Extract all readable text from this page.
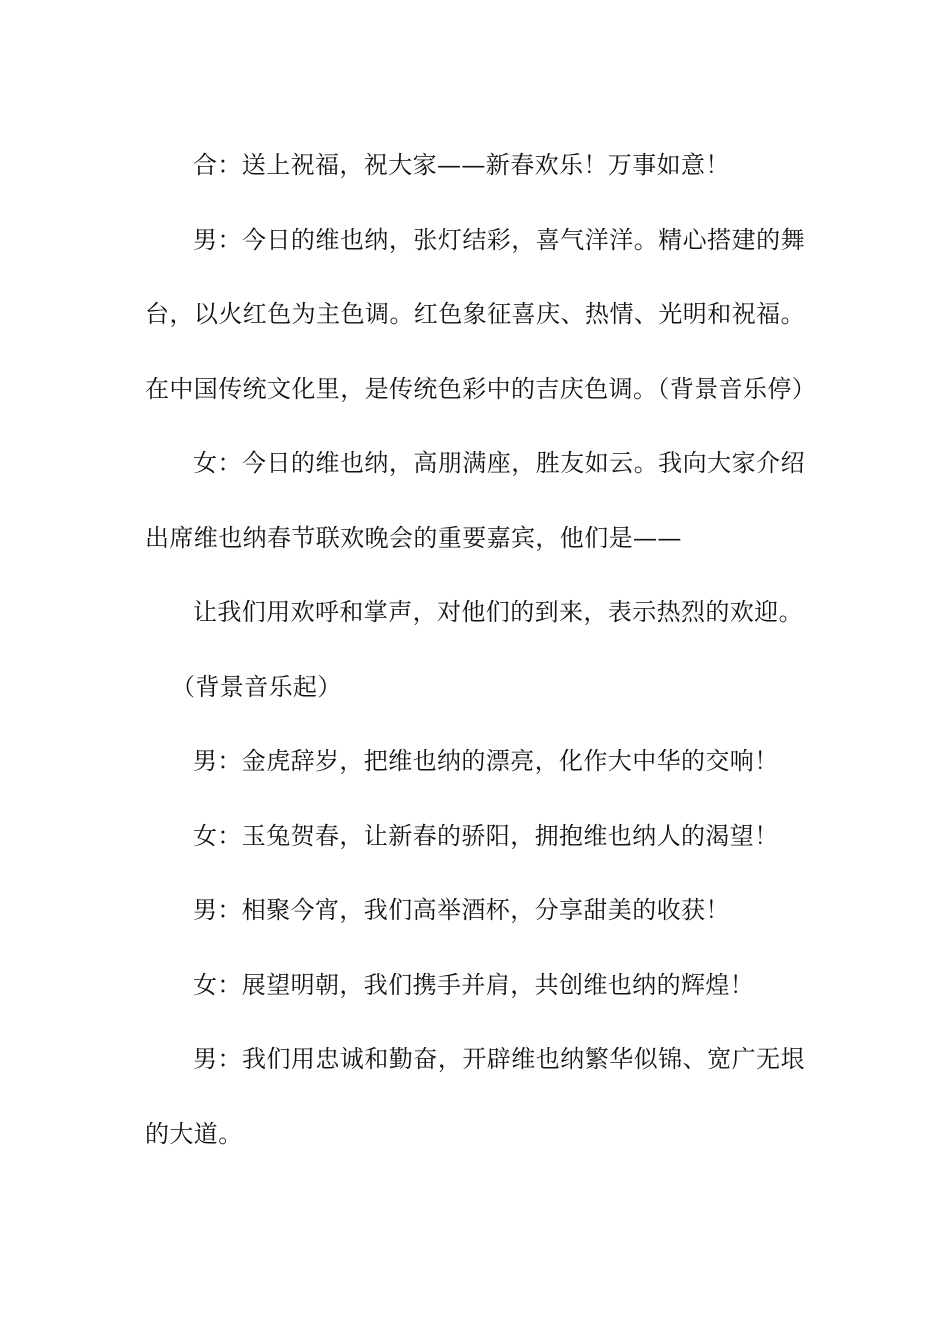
合：送上祝福，祝大家——新春欢乐！万事如意！

男：今日的维也纳，张灯结彩，喜气洋洋。精心搭建的舞台，以火红色为主色调。红色象征喜庆、热情、光明和祝福。在中国传统文化里，是传统色彩中的吉庆色调。（背景音乐停）

女：今日的维也纳，高朋满座，胜友如云。我向大家介绍出席维也纳春节联欢晚会的重要嘉宾，他们是——

让我们用欢呼和掌声，对他们的到来，表示热烈的欢迎。

（背景音乐起）

男：金虎辞岁，把维也纳的漂亮，化作大中华的交响！

女：玉兔贺春，让新春的骄阳，拥抱维也纳人的渴望！

男：相聚今宵，我们高举酒杯，分享甜美的收获！

女：展望明朝，我们携手并肩，共创维也纳的辉煌！

男：我们用忠诚和勤奋，开辟维也纳繁华似锦、宽广无垠的大道。
